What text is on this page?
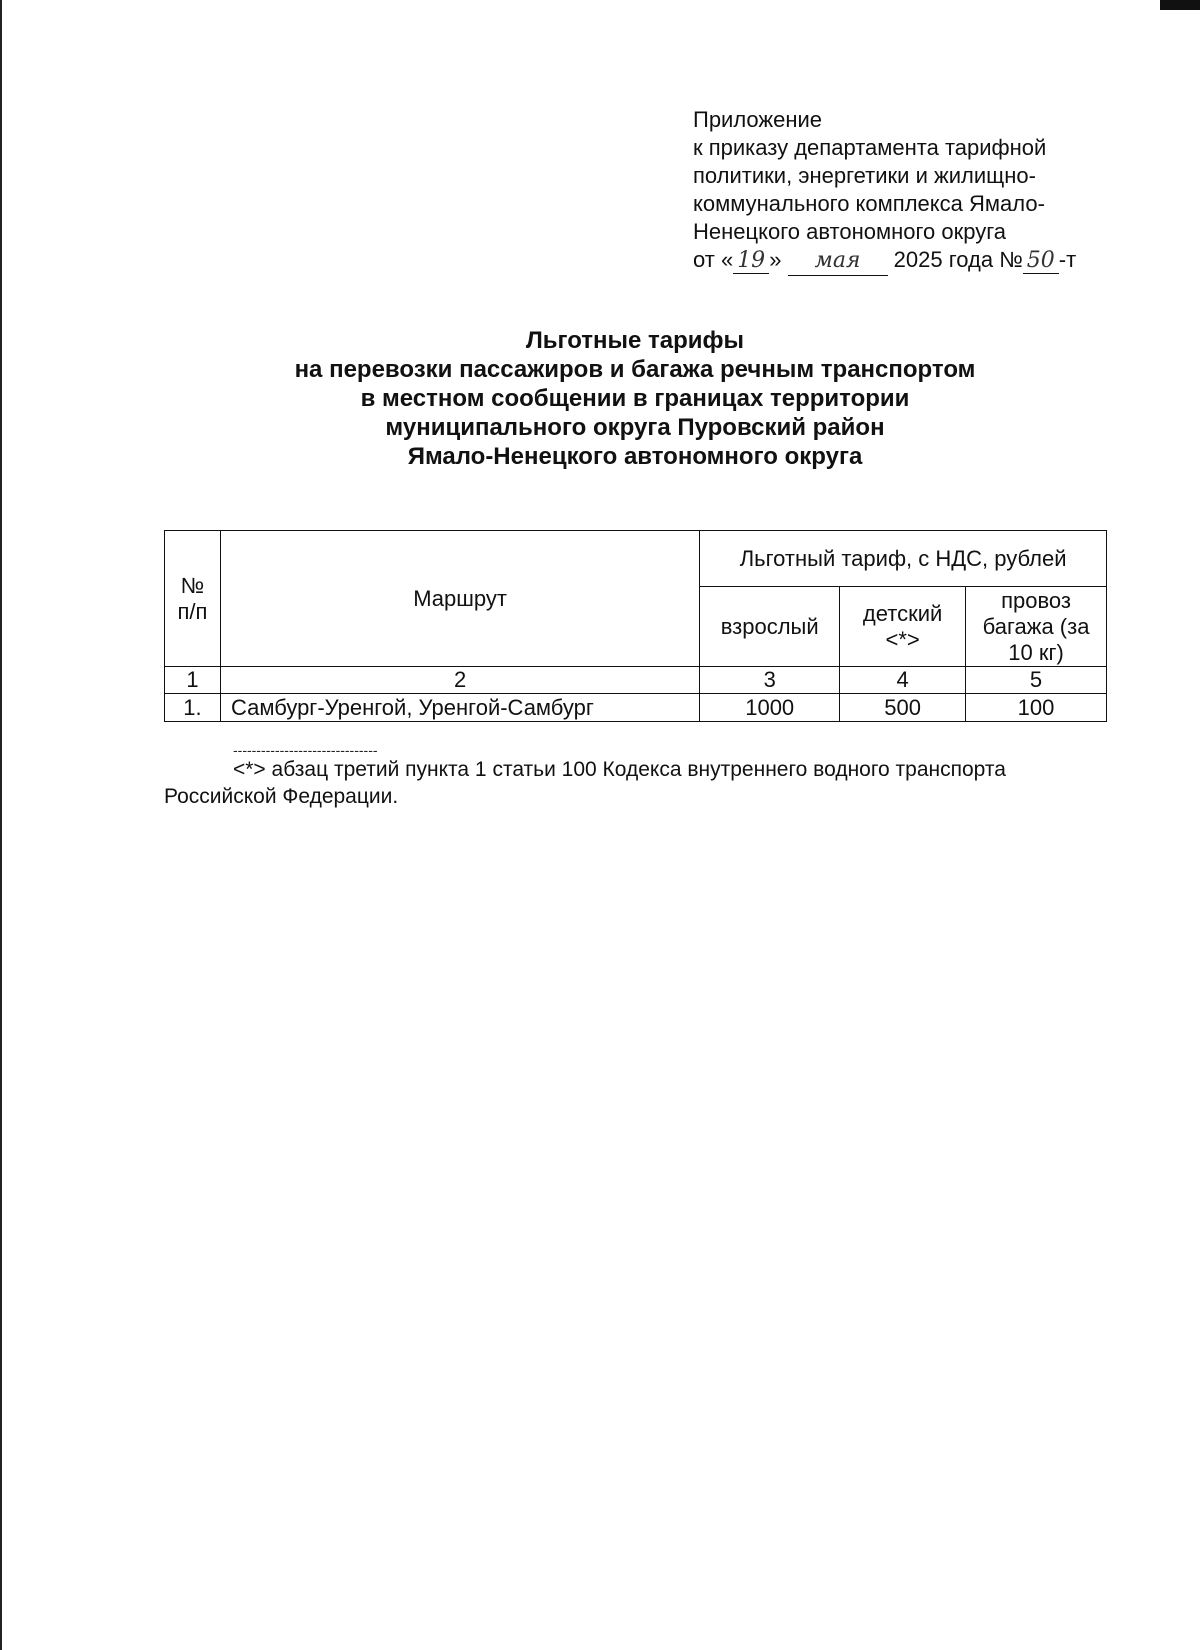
Приложение
к приказу департамента тарифной
политики, энергетики и жилищно-
коммунального комплекса Ямало-
Ненецкого автономного округа
от « 19 » мая 2025 года № 50 -т
Льготные тарифы
на перевозки пассажиров и багажа речным транспортом
в местном сообщении в границах территории
муниципального округа Пуровский район
Ямало-Ненецкого автономного округа
№ п/п	Маршрут	Льготный тариф, с НДС, рублей		
		взрослый	детский <*>	провоз багажа (за 10 кг)
1	2	3	4	5
1.	Самбург-Уренгой, Уренгой-Самбург	1000	500	100
-------------------------------
<*> абзац третий пункта 1 статьи 100 Кодекса внутреннего водного транспорта Российской Федерации.
